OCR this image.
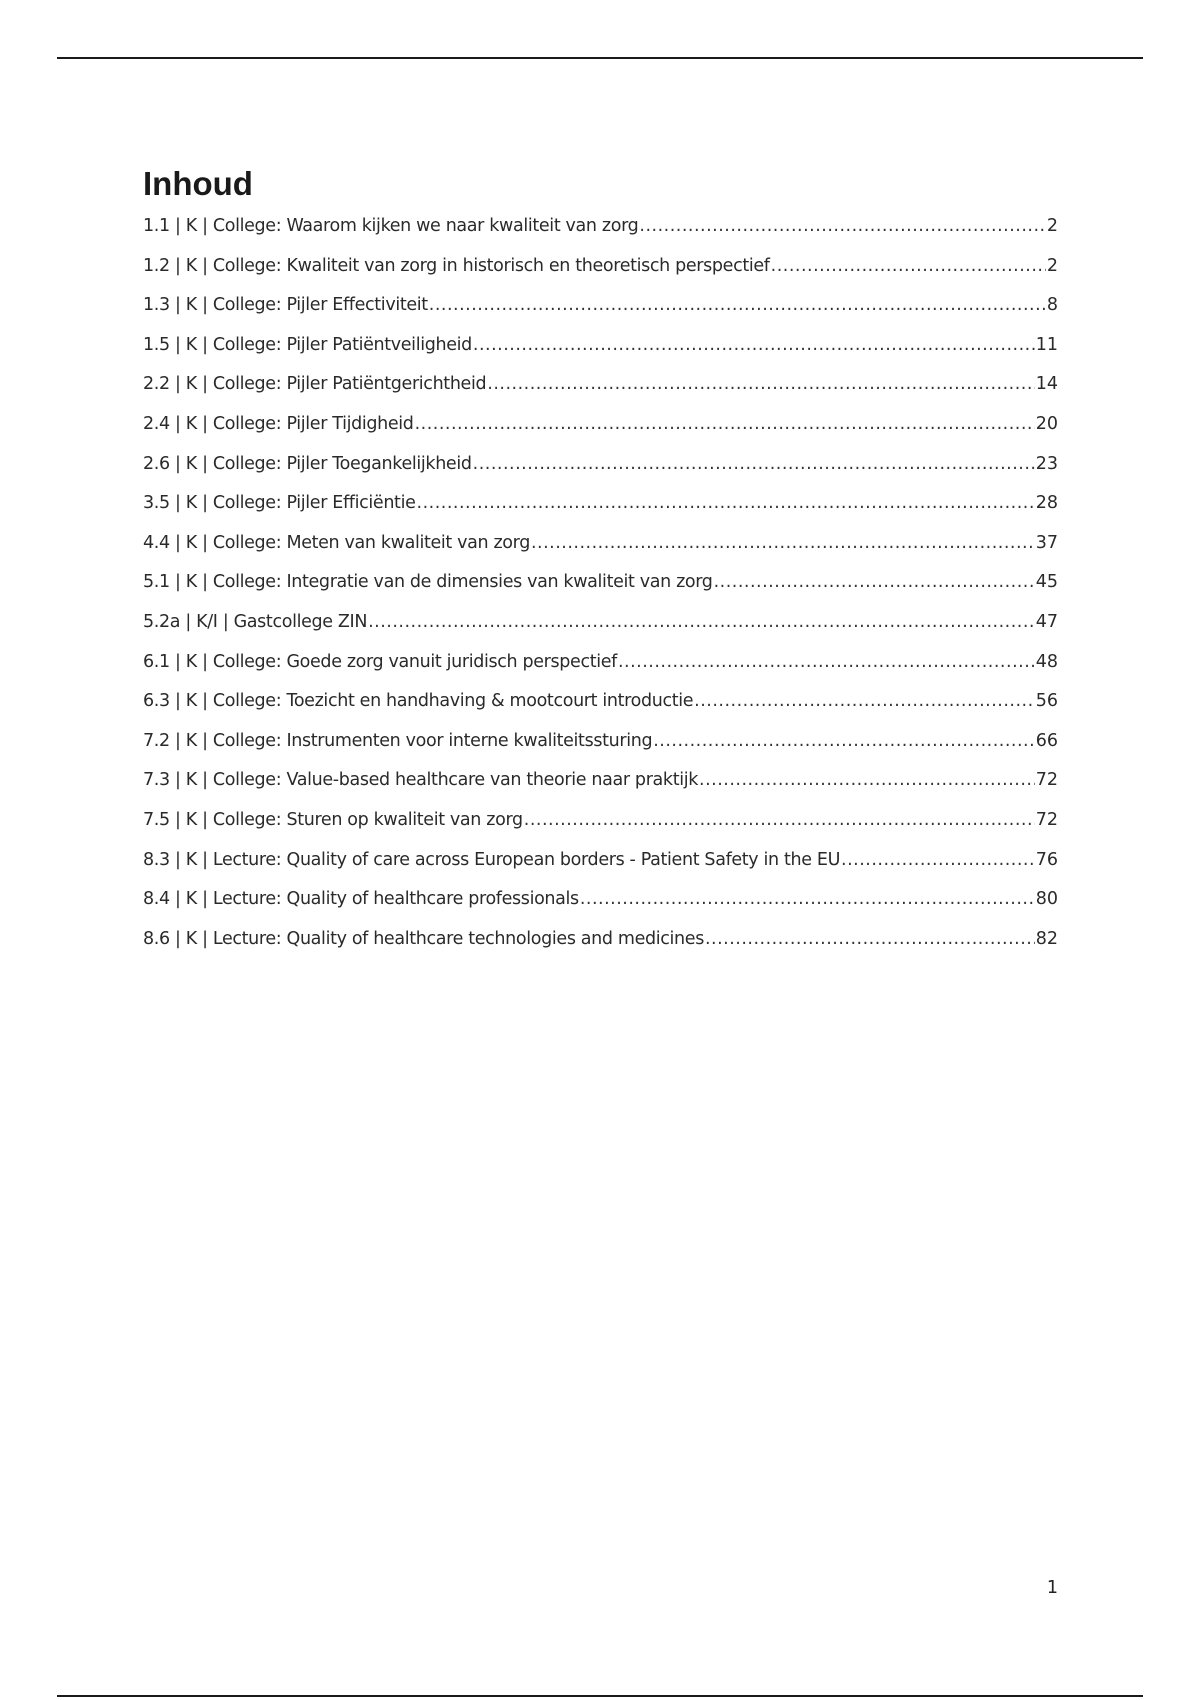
Inhoud
1.1 | K | College: Waarom kijken we naar kwaliteit van zorg .....	2
1.2 | K | College: Kwaliteit van zorg in historisch en theoretisch perspectief .....	2
1.3 | K | College: Pijler Effectiviteit .....	8
1.5 | K | College: Pijler Patiëntveiligheid .....	11
2.2 | K | College: Pijler Patiëntgerichtheid .....	14
2.4 | K | College: Pijler Tijdigheid .....	20
2.6 | K | College: Pijler Toegankelijkheid .....	23
3.5 | K | College: Pijler Efficiëntie .....	28
4.4 | K | College: Meten van kwaliteit van zorg .....	37
5.1 | K | College: Integratie van de dimensies van kwaliteit van zorg .....	45
5.2a | K/I | Gastcollege ZIN .....	47
6.1 | K | College: Goede zorg vanuit juridisch perspectief .....	48
6.3 | K | College: Toezicht en handhaving & mootcourt introductie .....	56
7.2 | K | College: Instrumenten voor interne kwaliteitssturing .....	66
7.3 | K | College: Value-based healthcare van theorie naar praktijk .....	72
7.5 | K | College: Sturen op kwaliteit van zorg .....	72
8.3 | K | Lecture: Quality of care across European borders - Patient Safety in the EU .....	76
8.4 | K | Lecture: Quality of healthcare professionals .....	80
8.6 | K | Lecture: Quality of healthcare technologies and medicines .....	82
1
